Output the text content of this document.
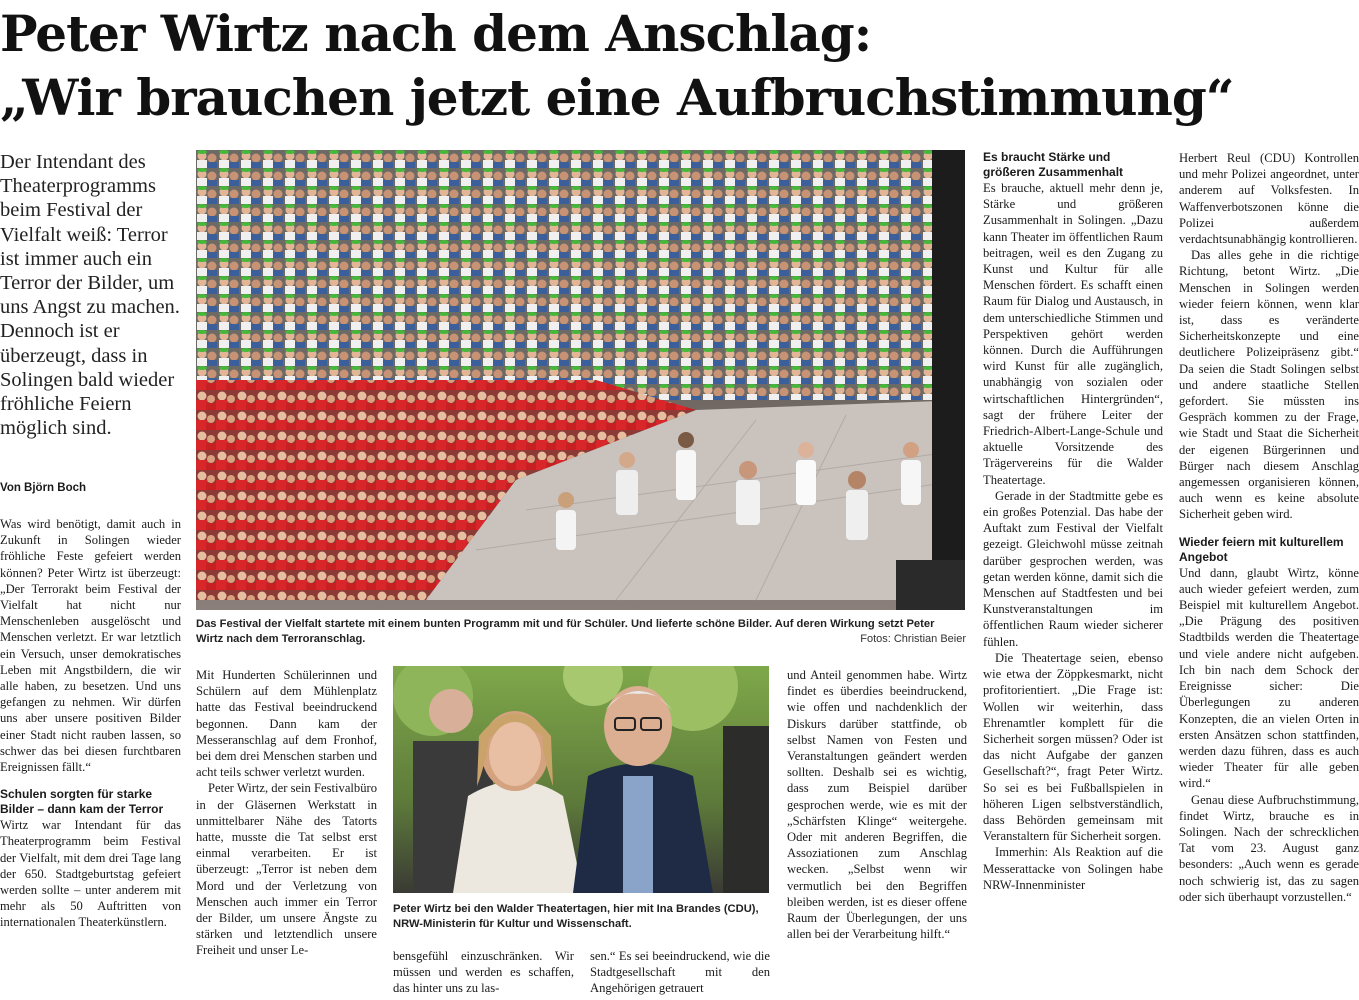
Peter Wirtz nach dem Anschlag:
„Wir brauchen jetzt eine Aufbruchstimmung“
Der Intendant des Theaterprogramms beim Festival der Vielfalt weiß: Terror ist immer auch ein Terror der Bilder, um uns Angst zu machen. Dennoch ist er überzeugt, dass in Solingen bald wieder fröhliche Feiern möglich sind.
Von Björn Boch
Das Festival der Vielfalt startete mit einem bunten Programm mit und für Schüler. Und lieferte schöne Bilder. Auf deren Wirkung setzt Peter Wirtz nach dem Terroranschlag.	Fotos: Christian Beier
Peter Wirtz bei den Walder Theatertagen, hier mit Ina Brandes (CDU), NRW-Ministerin für Kultur und Wissenschaft.

Was wird benötigt, damit auch in Zukunft in Solingen wieder fröhliche Feste gefeiert werden können? Peter Wirtz ist überzeugt: „Der Terrorakt beim Festival der Vielfalt hat nicht nur Menschenleben ausgelöscht und Menschen verletzt. Er war letztlich ein Versuch, unser demokratisches Leben mit Angstbildern, die wir alle haben, zu besetzen. Und uns gefangen zu nehmen. Wir dürfen uns aber unsere positiven Bilder einer Stadt nicht rauben lassen, so schwer das bei diesen furchtbaren Ereignissen fällt.“

Schulen sorgten für starke Bilder – dann kam der Terror

Wirtz war Intendant für das Theaterprogramm beim Festival der Vielfalt, mit dem drei Tage lang der 650. Stadtgeburtstag gefeiert werden sollte – unter anderem mit mehr als 50 Auftritten von internationalen Theaterkünstlern.

Mit Hunderten Schülerinnen und Schülern auf dem Mühlenplatz hatte das Festival beeindruckend begonnen. Dann kam der Messeranschlag auf dem Fronhof, bei dem drei Menschen starben und acht teils schwer verletzt wurden.

Peter Wirtz, der sein Festivalbüro in der Gläsernen Werkstatt in unmittelbarer Nähe des Tatorts hatte, musste die Tat selbst erst einmal verarbeiten. Er ist überzeugt: „Terror ist neben dem Mord und der Verletzung von Menschen auch immer ein Terror der Bilder, um unsere Ängste zu stärken und letztendlich unsere Freiheit und unser Le-	bensgefühl einzuschränken. Wir müssen und werden es schaffen, das hinter uns zu las-

sen.“ Es sei beeindruckend, wie die Stadtgesellschaft mit den Angehörigen getrauert

und Anteil genommen habe. Wirtz findet es überdies beeindruckend, wie offen und nachdenklich der Diskurs darüber stattfinde, ob selbst Namen von Festen und Veranstaltungen geändert werden sollten. Deshalb sei es wichtig, dass zum Beispiel darüber gesprochen werde, wie es mit der „Schärfsten Klinge“ weitergehe. Oder mit anderen Begriffen, die Assoziationen zum Anschlag wecken. „Selbst wenn wir vermutlich bei den Begriffen bleiben werden, ist es dieser offene Raum der Überlegungen, der uns allen bei der Verarbeitung hilft.“

Es braucht Stärke und größeren Zusammenhalt

Es brauche, aktuell mehr denn je, Stärke und größeren Zusammenhalt in Solingen. „Dazu kann Theater im öffentlichen Raum beitragen, weil es den Zugang zu Kunst und Kultur für alle Menschen fördert. Es schafft einen Raum für Dialog und Austausch, in dem unterschiedliche Stimmen und Perspektiven gehört werden können. Durch die Aufführungen wird Kunst für alle zugänglich, unabhängig von sozialen oder wirtschaftlichen Hintergründen“, sagt der frühere Leiter der Friedrich-Albert-Lange-Schule und aktuelle Vorsitzende des Trägervereins für die Walder Theatertage.

Gerade in der Stadtmitte gebe es ein großes Potenzial. Das habe der Auftakt zum Festival der Vielfalt gezeigt. Gleichwohl müsse zeitnah darüber gesprochen werden, was getan werden könne, damit sich die Menschen auf Stadtfesten und bei Kunstveranstaltungen im öffentlichen Raum wieder sicherer fühlen.

Die Theatertage seien, ebenso wie etwa der Zöppkesmarkt, nicht profitorientiert. „Die Frage ist: Wollen wir weiterhin, dass Ehrenamtler komplett für die Sicherheit sorgen müssen? Oder ist das nicht Aufgabe der ganzen Gesellschaft?“, fragt Peter Wirtz. So sei es bei Fußballspielen in höheren Ligen selbstverständlich, dass Behörden gemeinsam mit Veranstaltern für Sicherheit sorgen.

Immerhin: Als Reaktion auf die Messerattacke von Solingen habe NRW-Innenminister

Herbert Reul (CDU) Kontrollen und mehr Polizei angeordnet, unter anderem auf Volksfesten. In Waffenverbotszonen könne die Polizei außerdem verdachtsunabhängig kontrollieren.

Das alles gehe in die richtige Richtung, betont Wirtz. „Die Menschen in Solingen werden wieder feiern können, wenn klar ist, dass es veränderte Sicherheitskonzepte und eine deutlichere Polizeipräsenz gibt.“ Da seien die Stadt Solingen selbst und andere staatliche Stellen gefordert. Sie müssten ins Gespräch kommen zu der Frage, wie Stadt und Staat die Sicherheit der eigenen Bürgerinnen und Bürger nach diesem Anschlag angemessen organisieren können, auch wenn es keine absolute Sicherheit geben wird.

Wieder feiern mit kulturellem Angebot

Und dann, glaubt Wirtz, könne auch wieder gefeiert werden, zum Beispiel mit kulturellem Angebot. „Die Prägung des positiven Stadtbilds werden die Theatertage und viele andere nicht aufgeben. Ich bin nach dem Schock der Ereignisse sicher: Die Überlegungen zu anderen Konzepten, die an vielen Orten in ersten Ansätzen schon stattfinden, werden dazu führen, dass es auch wieder Theater für alle geben wird.“

Genau diese Aufbruchstimmung, findet Wirtz, brauche es in Solingen. Nach der schrecklichen Tat vom 23. August ganz besonders: „Auch wenn es gerade noch schwierig ist, das zu sagen oder sich überhaupt vorzustellen.“
